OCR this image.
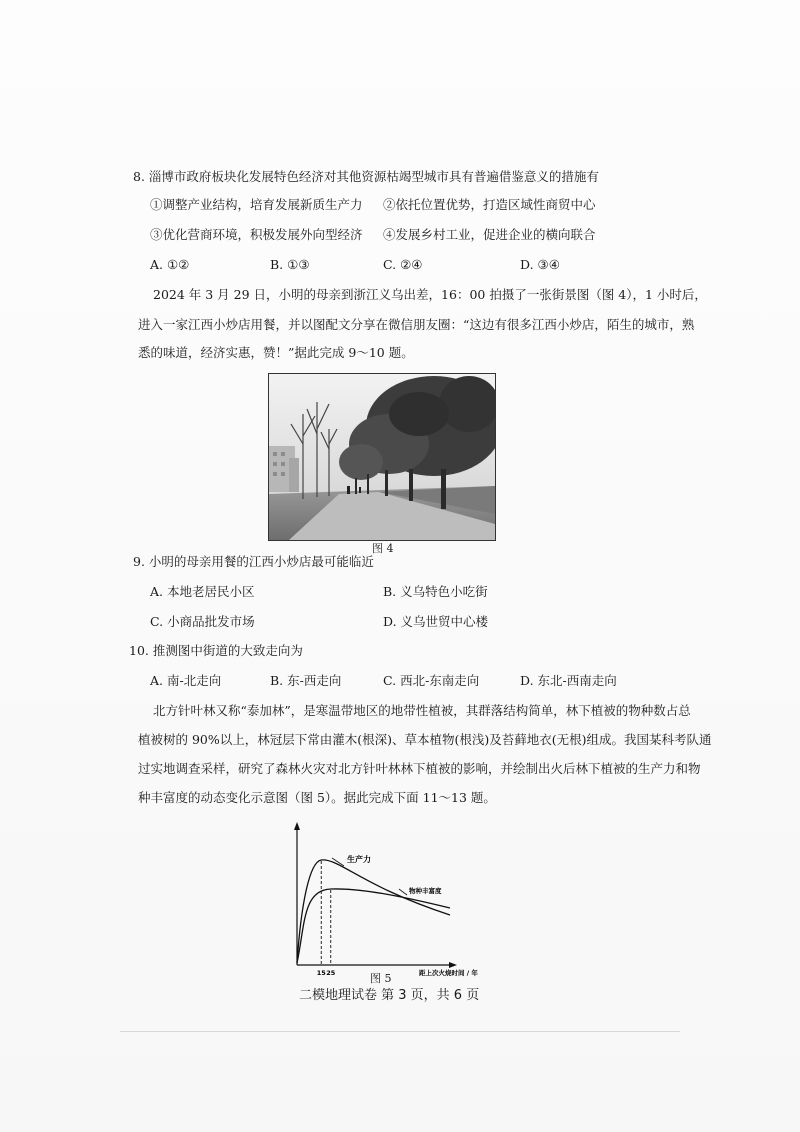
8. 淄博市政府板块化发展特色经济对其他资源枯竭型城市具有普遍借鉴意义的措施有
①调整产业结构，培育发展新质生产力 ②依托位置优势，打造区域性商贸中心
③优化营商环境，积极发展外向型经济 ④发展乡村工业，促进企业的横向联合
A. ①②	B. ①③	C. ②④	D. ③④
2024 年 3 月 29 日，小明的母亲到浙江义乌出差，16：00 拍摄了一张街景图（图 4），1 小时后，
进入一家江西小炒店用餐，并以图配文分享在微信朋友圈：“这边有很多江西小炒店，陌生的城市，熟
悉的味道，经济实惠，赞！”据此完成 9～10 题。
图 4
9. 小明的母亲用餐的江西小炒店最可能临近
A. 本地老居民小区	B. 义乌特色小吃街
C. 小商品批发市场	D. 义乌世贸中心楼
10. 推测图中街道的大致走向为
A. 南-北走向	B. 东-西走向	C. 西北-东南走向	D. 东北-西南走向
北方针叶林又称“泰加林”，是寒温带地区的地带性植被，其群落结构简单，林下植被的物种数占总
植被树的 90%以上，林冠层下常由灌木(根深)、草本植物(根浅)及苔藓地衣(无根)组成。我国某科考队通
过实地调查采样，研究了森林火灾对北方针叶林林下植被的影响，并绘制出火后林下植被的生产力和物
种丰富度的动态变化示意图（图 5）。据此完成下面 11～13 题。
生产力
物种丰富度
15 25	距上次火烧时间 / 年
图 5
二模地理试卷 第 3 页，共 6 页
